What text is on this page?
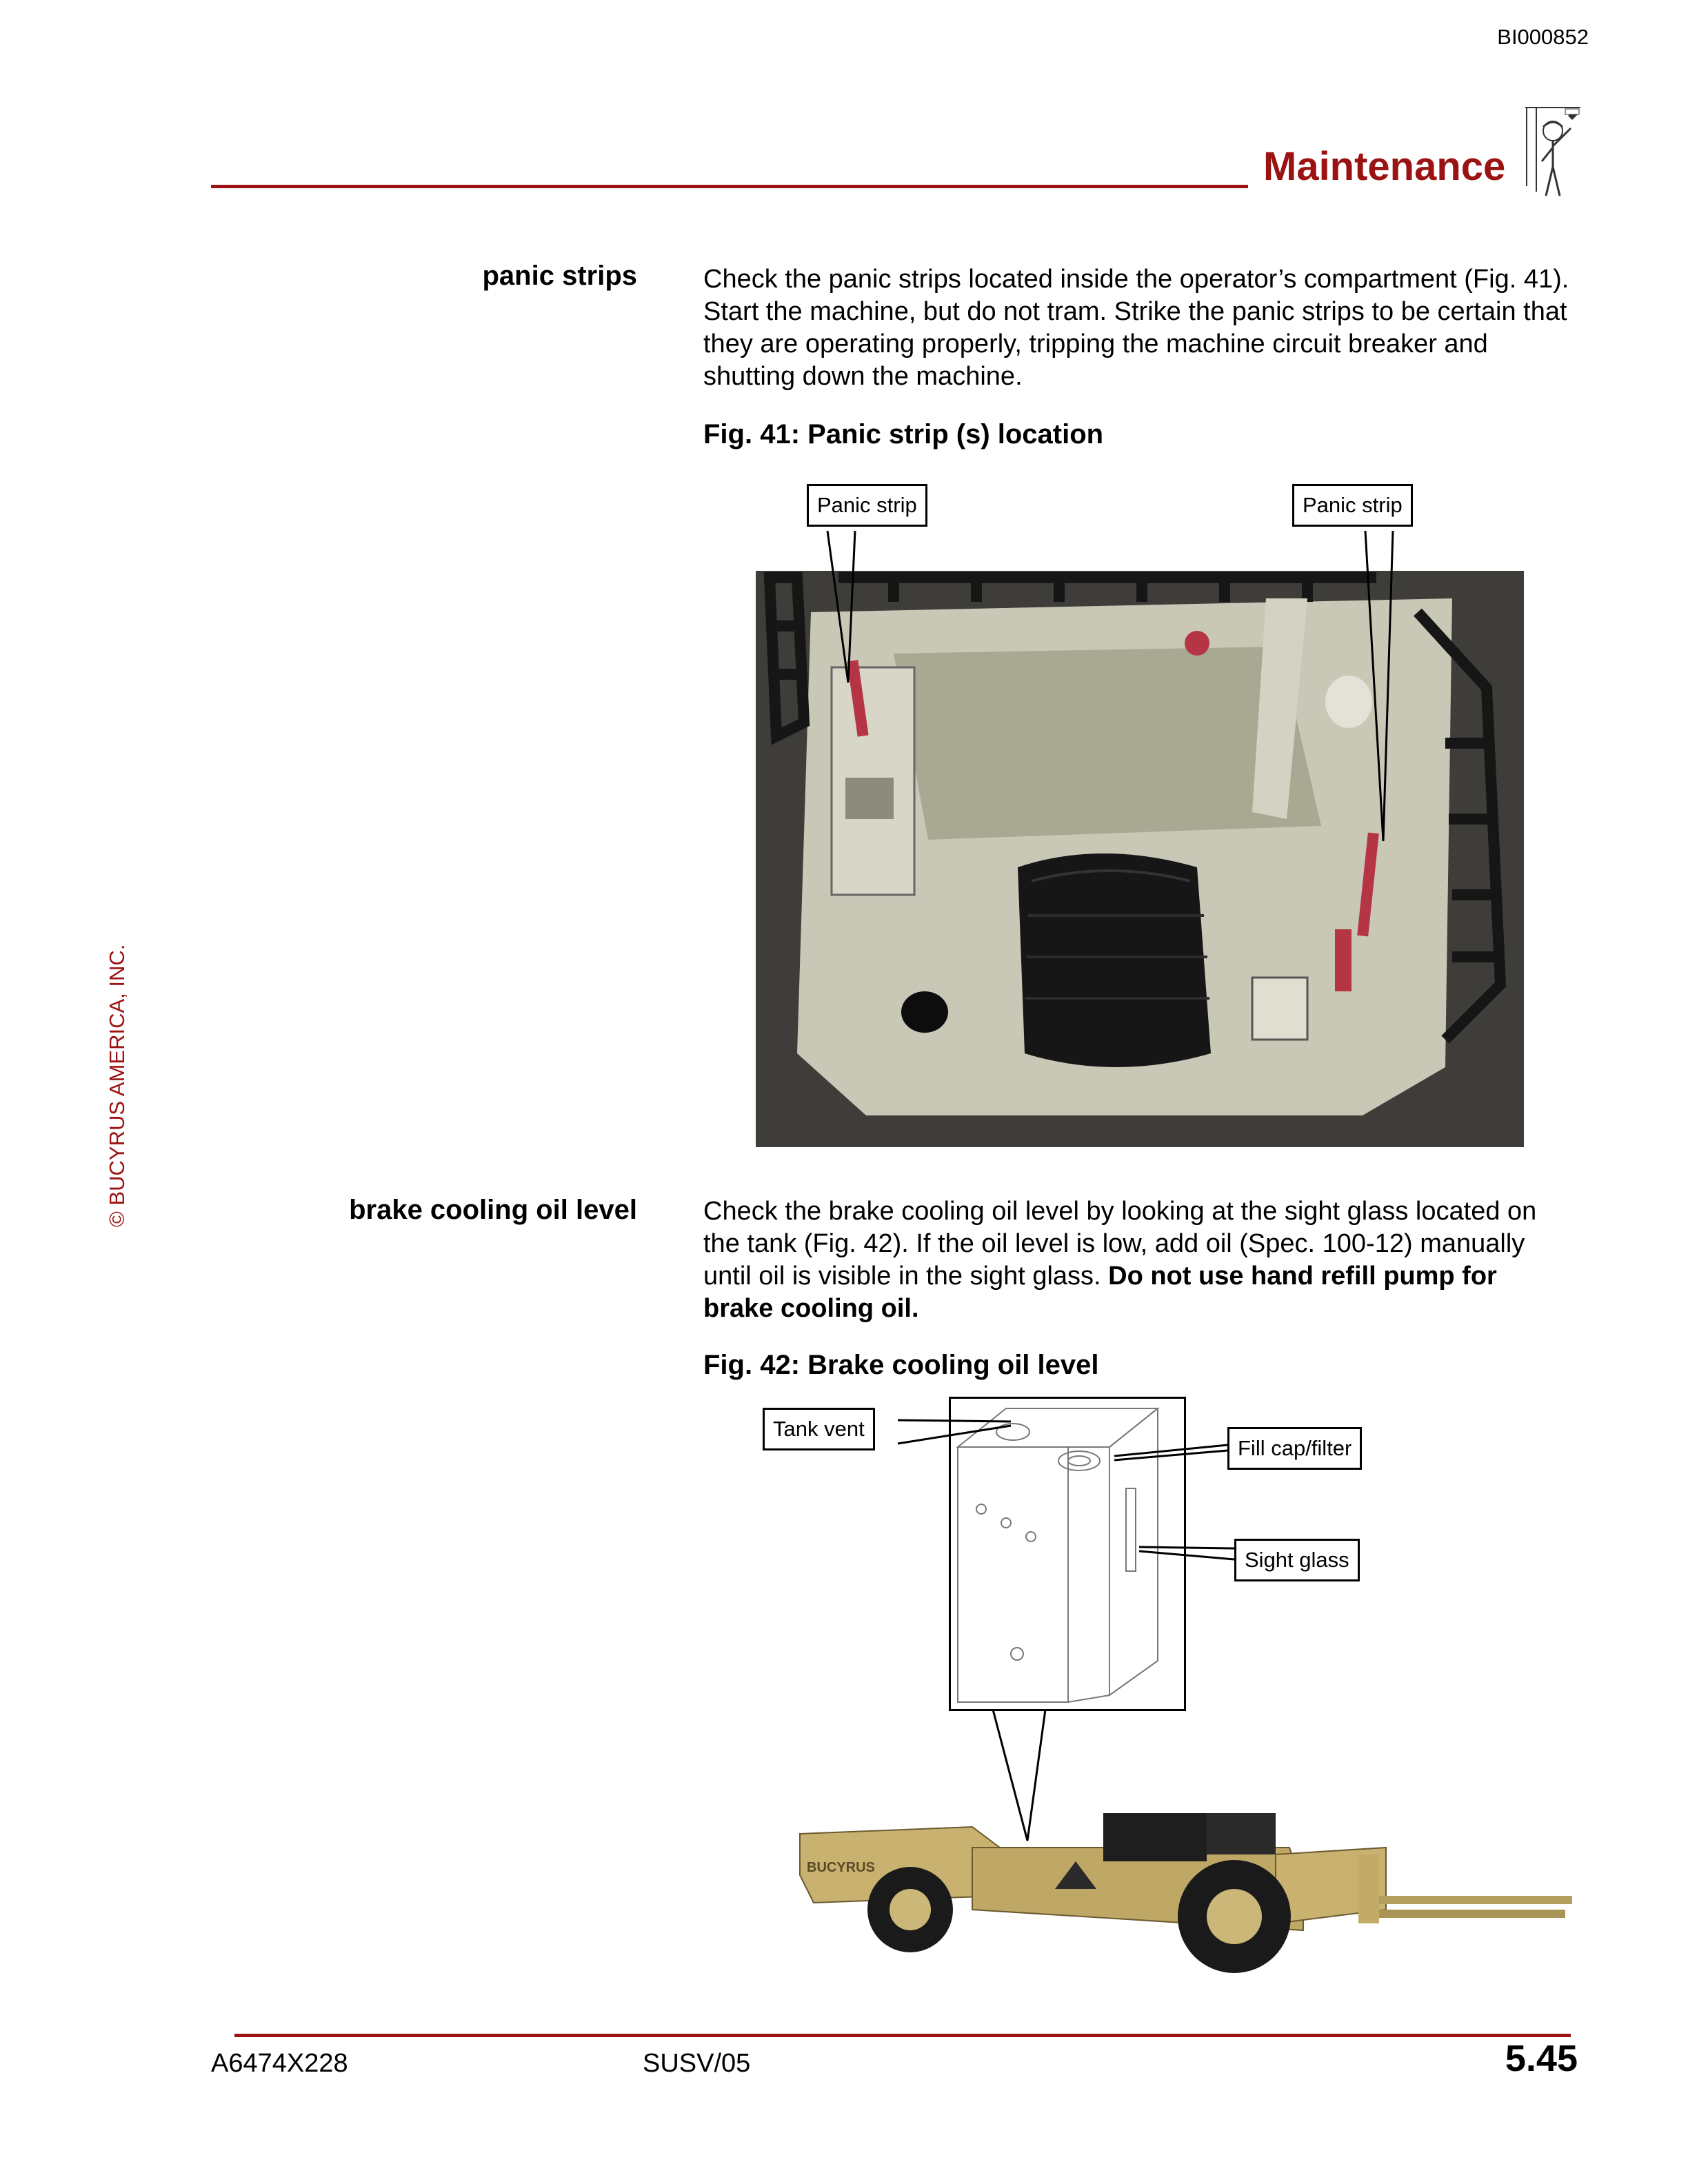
BI000852
Maintenance
© BUCYRUS AMERICA, INC.
panic strips	Check the panic strips located inside the operator’s compartment (Fig. 41). Start the machine, but do not tram. Strike the panic strips to be certain that they are operating properly, tripping the machine circuit breaker and shutting down the machine.
Fig. 41: Panic strip (s) location
Panic strip	Panic strip
brake cooling oil level	Check the brake cooling oil level by looking at the sight glass located on the tank (Fig. 42). If the oil level is low, add oil (Spec. 100-12) manually until oil is visible in the sight glass. Do not use hand refill pump for brake cooling oil.
Fig. 42: Brake cooling oil level
Tank vent
Fill cap/filter
Sight glass
BUCYRUS
A6474X228	SUSV/05	5.45
